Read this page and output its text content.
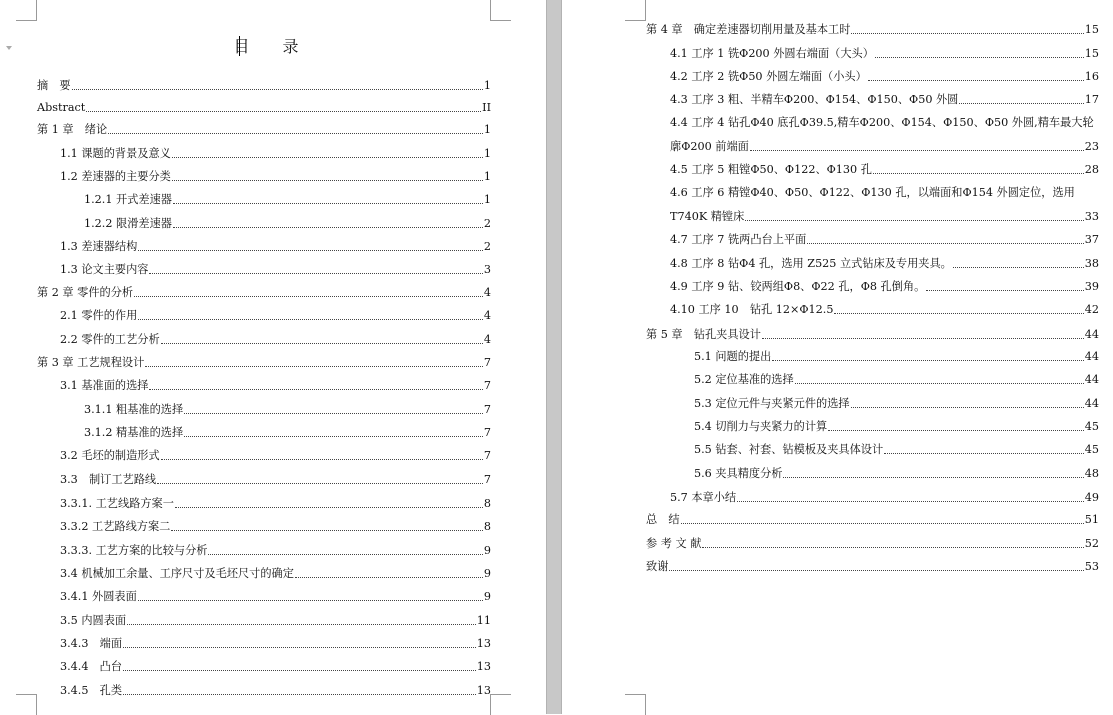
目 录
摘　要	1
Abstract	II
第 1 章　绪论	1
1.1 课题的背景及意义	1
1.2 差速器的主要分类	1
1.2.1 开式差速器	1
1.2.2 限滑差速器	2
1.3 差速器结构	2
1.3 论文主要内容	3
第 2 章 零件的分析	4
2.1 零件的作用	4
2.2 零件的工艺分析	4
第 3 章 工艺规程设计	7
3.1 基准面的选择	7
3.1.1 粗基准的选择	7
3.1.2 精基准的选择	7
3.2 毛坯的制造形式	7
3.3　制订工艺路线	7
3.3.1. 工艺线路方案一	8
3.3.2 工艺路线方案二	8
3.3.3. 工艺方案的比较与分析	9
3.4 机械加工余量、工序尺寸及毛坯尺寸的确定	9
3.4.1 外圆表面	9
3.5 内圆表面	11
3.4.3　端面	13
3.4.4　凸台	13
3.4.5　孔类	13
第 4 章　确定差速器切削用量及基本工时	15
4.1 工序 1 铣Φ200 外圆右端面（大头）	15
4.2 工序 2 铣Φ50 外圆左端面（小头）	16
4.3 工序 3 粗、半精车Φ200、Φ154、Φ150、Φ50 外圆	17
4.4 工序 4 钻孔Φ40 底孔Φ39.5,精车Φ200、Φ154、Φ150、Φ50 外圆,精车最大轮
廓Φ200 前端面	23
4.5 工序 5 粗镗Φ50、Φ122、Φ130 孔	28
4.6 工序 6 精镗Φ40、Φ50、Φ122、Φ130 孔，以端面和Φ154 外圆定位，选用
T740K 精镗床	33
4.7 工序 7 铣两凸台上平面	37
4.8 工序 8 钻Φ4 孔，选用 Z525 立式钻床及专用夹具。	38
4.9 工序 9 钻、铰两组Φ8、Φ22 孔，Φ8 孔倒角。	39
4.10 工序 10　钻孔 12×Φ12.5	42
第 5 章　钻孔夹具设计	44
5.1 问题的提出	44
5.2 定位基准的选择	44
5.3 定位元件与夹紧元件的选择	44
5.4 切削力与夹紧力的计算	45
5.5 钻套、衬套、钻模板及夹具体设计	45
5.6 夹具精度分析	48
5.7 本章小结	49
总　结	51
参 考 文 献	52
致谢	53
